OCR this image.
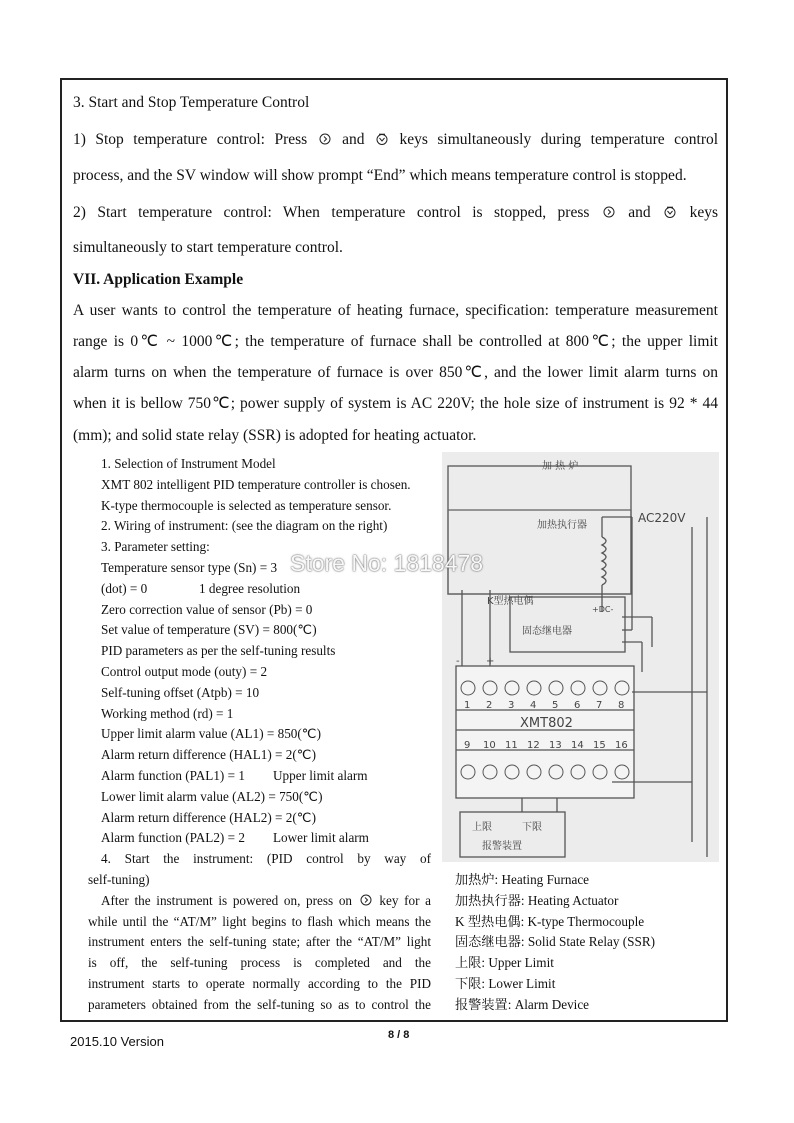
3. Start and Stop Temperature Control
1) Stop temperature control: Press and keys simultaneously during temperature control
process, and the SV window will show prompt “End” which means temperature control is stopped.
2) Start temperature control: When temperature control is stopped, press	and	keys
simultaneously to start temperature control.
VII. Application Example
A user wants to control the temperature of heating furnace, specification: temperature measurement
range is 0℃ ~ 1000℃; the temperature of furnace shall be controlled at 800℃; the upper limit
alarm turns on when the temperature of furnace is over 850℃, and the lower limit alarm turns on
when it is bellow 750℃; power supply of system is AC 220V; the hole size of instrument is 92 * 44
(mm); and solid state relay (SSR) is adopted for heating actuator.
1. Selection of Instrument Model
XMT 802 intelligent PID temperature controller is chosen.
K-type thermocouple is selected as temperature sensor.
2. Wiring of instrument: (see the diagram on the right)
3. Parameter setting:
Temperature sensor type (Sn) = 3
(dot) = 0	1 degree resolution
Zero correction value of sensor (Pb) = 0
Set value of temperature (SV) = 800(℃)
PID parameters as per the self-tuning results
Control output mode (outy) = 2
Self-tuning offset (Atpb) = 10
Working method (rd) = 1
Upper limit alarm value (AL1) = 850(℃)
Alarm return difference (HAL1) = 2(℃)
Alarm function (PAL1) = 1 Upper limit alarm
Lower limit alarm value (AL2) = 750(℃)
Alarm return difference (HAL2) = 2(℃)
Alarm function (PAL2) = 2 Lower limit alarm
4. Start the instrument: (PID control by way of
self-tuning)
After the instrument is powered on, press on key for a
while until the “AT/M” light begins to flash which means the
instrument enters the self-tuning state; after the “AT/M” light
is off, the self-tuning process is completed and the
instrument starts to operate normally according to the PID
parameters obtained from the self-tuning so as to control the
加 热 炉
加热执行器
AC220V
K型热电偶
固态继电器
+DC-
-	+
XMT802
1 2 3 4 5 6 7 8
9 10 11 12 13 14 15 16
上限	下限
报警装置
Store No: 1818478
加热炉: Heating Furnace
加热执行器: Heating Actuator
K 型热电偶: K-type Thermocouple
固态继电器: Solid State Relay (SSR)
上限: Upper Limit
下限: Lower Limit
报警装置: Alarm Device
8 / 8
2015.10 Version
